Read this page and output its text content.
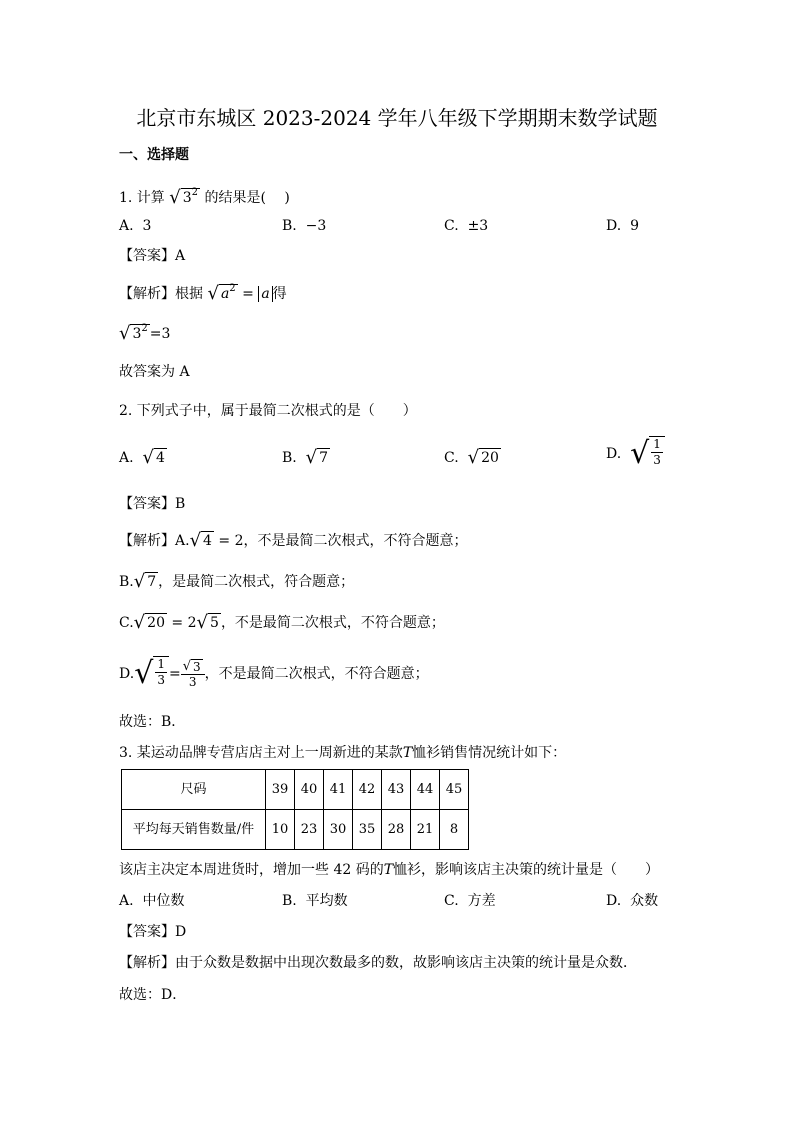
北京市东城区 2023-2024 学年八年级下学期期末数学试题
一、选择题
1. 计算 √ $3^2$ 的结果是(　 )
A. 3	B. −3	C. ±3	D. 9
【答案】A
【解析】根据 √ $a^2 = a$ 得
√ $3^2 =3$
故答案为 A
2. 下列式子中，属于最简二次根式的是（　　）
A. √ 4	B. √ 7	C. √ 20	D. √ $\frac{1}{3}$
【答案】B
【解析】A. √ 4 = 2，不是最简二次根式，不符合题意；
B. √ 7 ，是最简二次根式，符合题意；
C. √ 20 = 2 √ 5 ，不是最简二次根式，不符合题意；
D. √ $\frac{1}{3} = \frac{√ 3}{3}$ ，不是最简二次根式，不符合题意；
故选：B．
3. 某运动品牌专营店店主对上一周新进的某款T恤衫销售情况统计如下：
尺码	39	40	41	42	43	44	45
平均每天销售数量/件	10	23	30	35	28	21	8
该店主决定本周进货时，增加一些 42 码的T恤衫，影响该店主决策的统计量是（　　）
A. 中位数	B. 平均数	C. 方差	D. 众数
【答案】D
【解析】由于众数是数据中出现次数最多的数，故影响该店主决策的统计量是众数．
故选：D．
